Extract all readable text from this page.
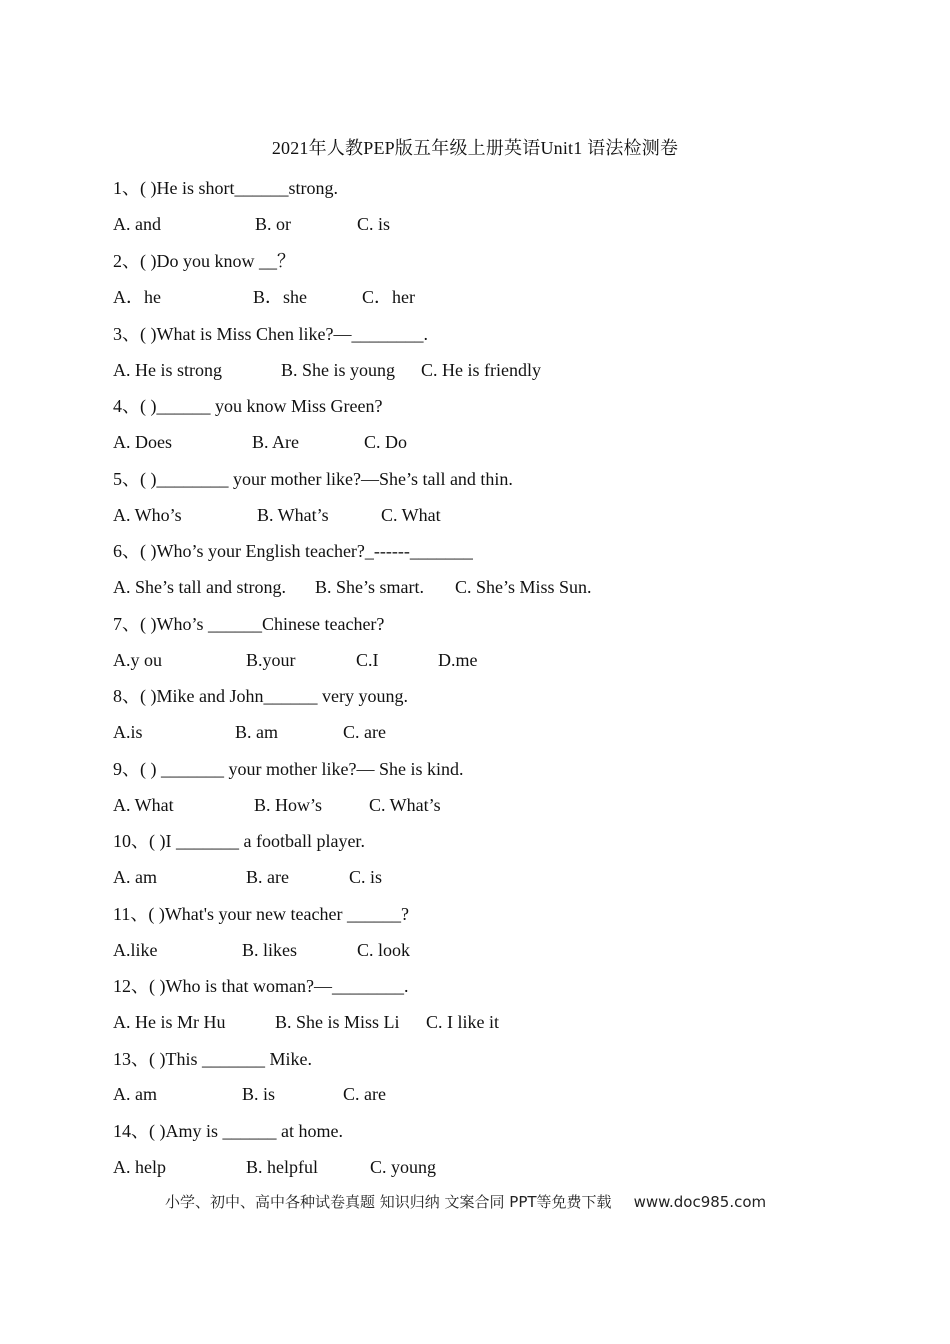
2021年人教PEP版五年级上册英语Unit1 语法检测卷
1、( )He is short______strong.
A. and	B. or	C. is
2、( )Do you know __？
A．he	B．she	C．her
3、( )What is Miss Chen like?—________.
A. He is strong	B. She is young C. He is friendly
4、( )______ you know Miss Green?
A. Does	B. Are	C. Do
5、( )________ your mother like?—She’s tall and thin.
A. Who’s	B. What’s	C. What
6、( )Who’s your English teacher?_------_______
A. She’s tall and strong. B. She’s smart. C. She’s Miss Sun.
7、( )Who’s ______Chinese teacher?
A.y ou	B.your	C.I	D.me
8、( )Mike and John______ very young.
A.is	B. am	C. are
9、( ) _______ your mother like?— She is kind.
A. What	B. How’s	C. What’s
10、( )I _______ a football player.
A. am	B. are	C. is
11、( )What's your new teacher ______?
A.like	B. likes	C. look
12、( )Who is that woman?—________.
A. He is Mr Hu	B. She is Miss Li C. I like it
13、( )This _______ Mike.
A. am	B. is	C. are
14、( )Amy is ______ at home.
A. help	B. helpful	C. young
小学、初中、高中各种试卷真题 知识归纳 文案合同 PPT等免费下载 www.doc985.com
